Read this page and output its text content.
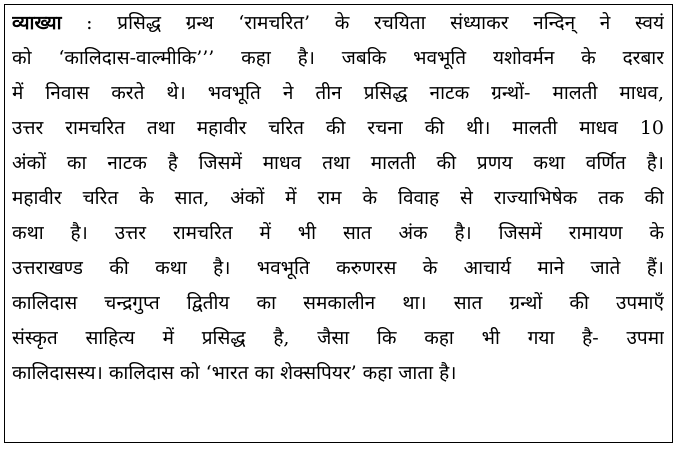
व्याख्या : प्रसिद्ध ग्रन्थ ‘रामचरित’ के रचयिता संध्याकर नन्दिन् ने स्वयं
को ‘कालिदास-वाल्मीकि’’’ कहा है। जबकि भवभूति यशोवर्मन के दरबार
में निवास करते थे। भवभूति ने तीन प्रसिद्ध नाटक ग्रन्थों- मालती माधव,
उत्तर रामचरित तथा महावीर चरित की रचना की थी। मालती माधव 10
अंकों का नाटक है जिसमें माधव तथा मालती की प्रणय कथा वर्णित है।
महावीर चरित के सात, अंकों में राम के विवाह से राज्याभिषेक तक की
कथा है। उत्तर रामचरित में भी सात अंक है। जिसमें रामायण के
उत्तराखण्ड की कथा है। भवभूति करुणरस के आचार्य माने जाते हैं।
कालिदास चन्द्रगुप्त द्वितीय का समकालीन था। सात ग्रन्थों की उपमाएँ
संस्कृत साहित्य में प्रसिद्ध है, जैसा कि कहा भी गया है- उपमा
कालिदासस्य। कालिदास को ‘भारत का शेक्सपियर’ कहा जाता है।
